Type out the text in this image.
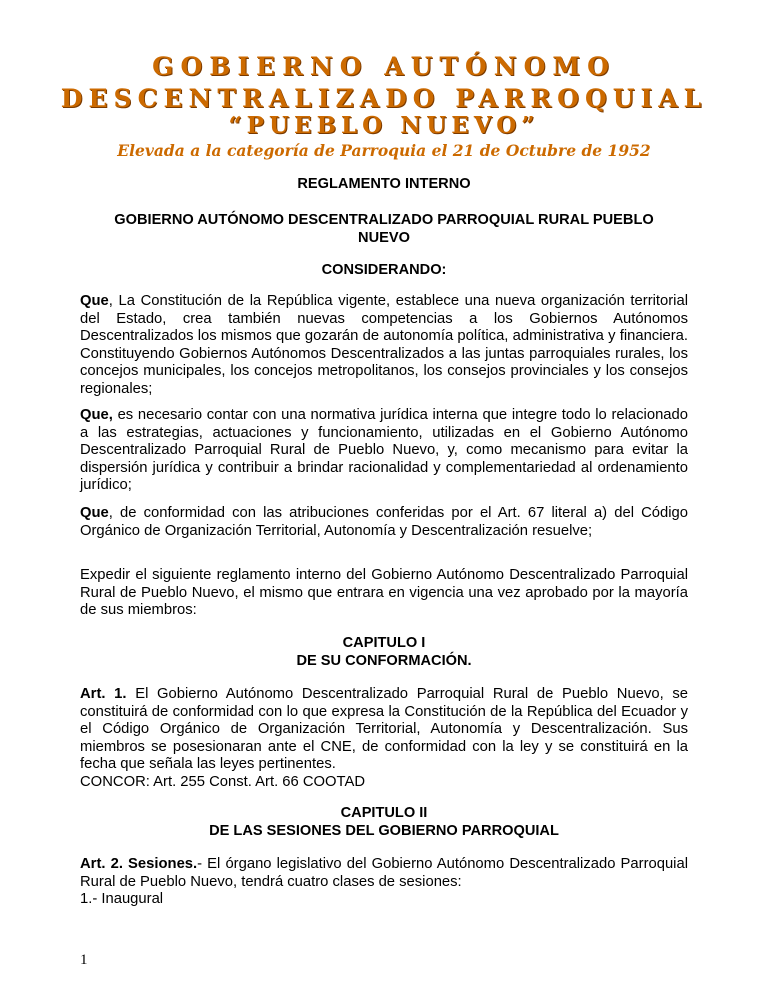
GOBIERNO AUTÓNOMO
DESCENTRALIZADO PARROQUIAL
“PUEBLO NUEVO”
Elevada a la categoría de Parroquia el 21 de Octubre de 1952
REGLAMENTO INTERNO
GOBIERNO AUTÓNOMO DESCENTRALIZADO PARROQUIAL RURAL PUEBLO
NUEVO
CONSIDERANDO:
Que, La Constitución de la República vigente, establece una nueva organización territorial del Estado, crea también nuevas competencias a los Gobiernos Autónomos Descentralizados los mismos que gozarán de autonomía política, administrativa y financiera. Constituyendo Gobiernos Autónomos Descentralizados a las juntas parroquiales rurales, los concejos municipales, los concejos metropolitanos, los consejos provinciales y los consejos regionales;
Que, es necesario contar con una normativa jurídica interna que integre todo lo relacionado a las estrategias, actuaciones y funcionamiento, utilizadas en el Gobierno Autónomo Descentralizado Parroquial Rural de Pueblo Nuevo, y, como mecanismo para evitar la dispersión jurídica y contribuir a brindar racionalidad y complementariedad al ordenamiento jurídico;
Que, de conformidad con las atribuciones conferidas por el Art. 67 literal a) del Código Orgánico de Organización Territorial, Autonomía y Descentralización resuelve;
Expedir el siguiente reglamento interno del Gobierno Autónomo Descentralizado Parroquial Rural de Pueblo Nuevo, el mismo que entrara en vigencia una vez aprobado por la mayoría de sus miembros:
CAPITULO I
DE SU CONFORMACIÓN.
Art. 1. El Gobierno Autónomo Descentralizado Parroquial Rural de Pueblo Nuevo, se constituirá de conformidad con lo que expresa la Constitución de la República del Ecuador y el Código Orgánico de Organización Territorial, Autonomía y Descentralización. Sus miembros se posesionaran ante el CNE, de conformidad con la ley y se constituirá en la fecha que señala las leyes pertinentes.
CONCOR: Art. 255 Const. Art. 66 COOTAD
CAPITULO II
DE LAS SESIONES DEL GOBIERNO PARROQUIAL
Art. 2. Sesiones.- El órgano legislativo del Gobierno Autónomo Descentralizado Parroquial Rural de Pueblo Nuevo, tendrá cuatro clases de sesiones:
1.- Inaugural
1
